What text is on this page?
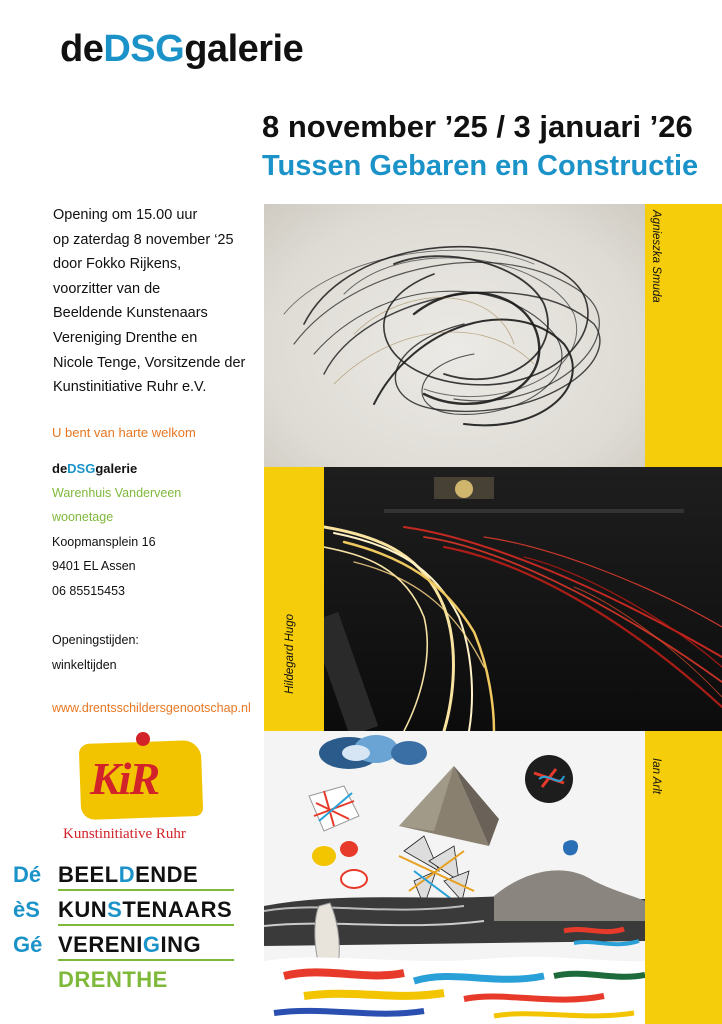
deDSGgalerie
8 november ’25 / 3 januari ’26
Tussen Gebaren en Constructie
Opening om 15.00 uur
op zaterdag 8 november ‘25
door Fokko Rijkens,
voorzitter van de
Beeldende Kunstenaars
Vereniging Drenthe en
Nicole Tenge, Vorsitzende der
Kunstinitiative Ruhr e.V.
U bent van harte welkom
deDSGgalerie
Warenhuis Vanderveen
woonetage
Koopmansplein 16
9401 EL Assen
06 85515453
Openingstijden:
winkeltijden
www.drentsschildersgenootschap.nl
KiR
Kunstinitiative Ruhr
Dé
èS
Gé
BEELDENDE
KUNSTENAARS
VERENIGING
DRENTHE
Agnieszka Smuda
Hildegard Hugo
Ian Arlt
